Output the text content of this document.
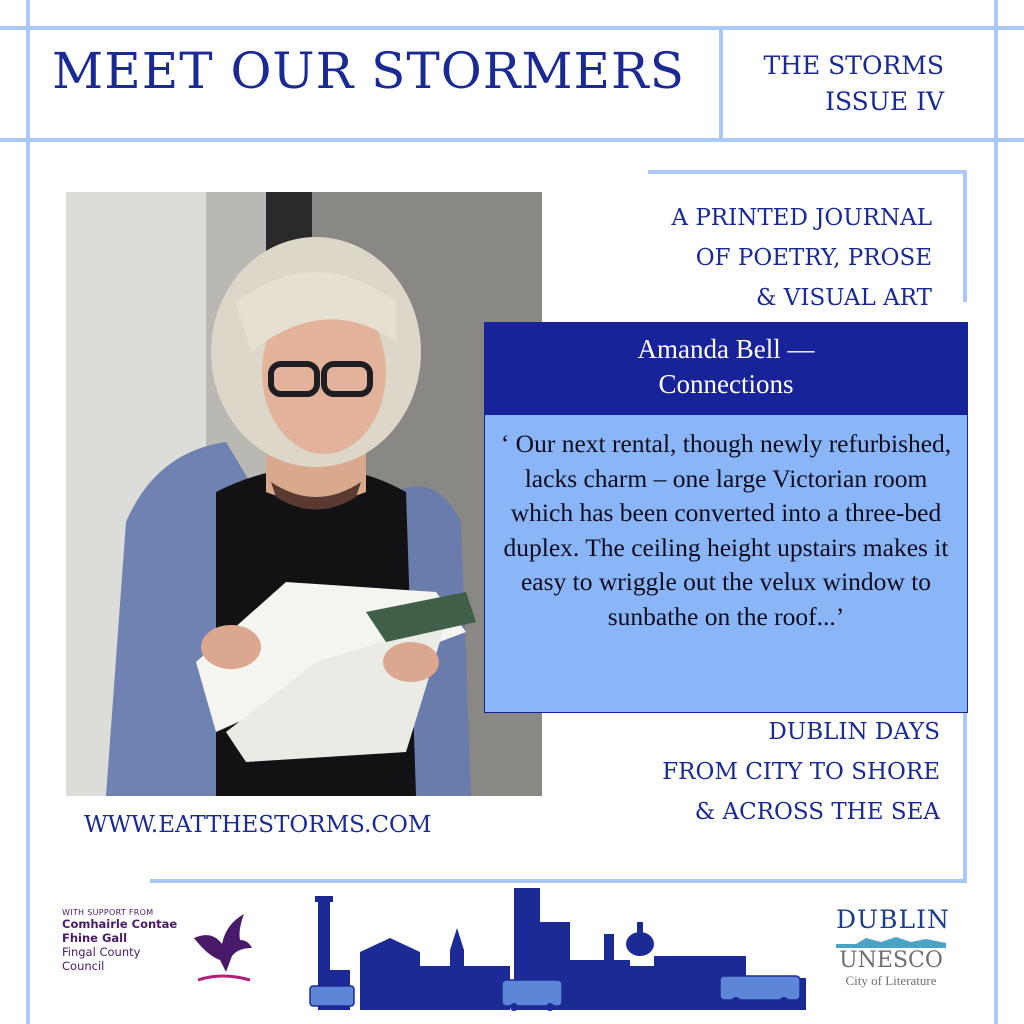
MEET OUR STORMERS	THE STORMS
ISSUE IV
A PRINTED JOURNAL
OF POETRY, PROSE
& VISUAL ART
Amanda Bell —
Connections
‘ Our next rental, though newly refurbished, lacks charm – one large Victorian room which has been converted into a three-bed duplex. The ceiling height upstairs makes it easy to wriggle out the velux window to sunbathe on the roof...’
DUBLIN DAYS
FROM CITY TO SHORE
& ACROSS THE SEA
WWW.EATTHESTORMS.COM
WITH SUPPORT FROM
Comhairle Contae
Fhine Gall
Fingal County
Council
DUBLIN
UNESCO
City of Literature
